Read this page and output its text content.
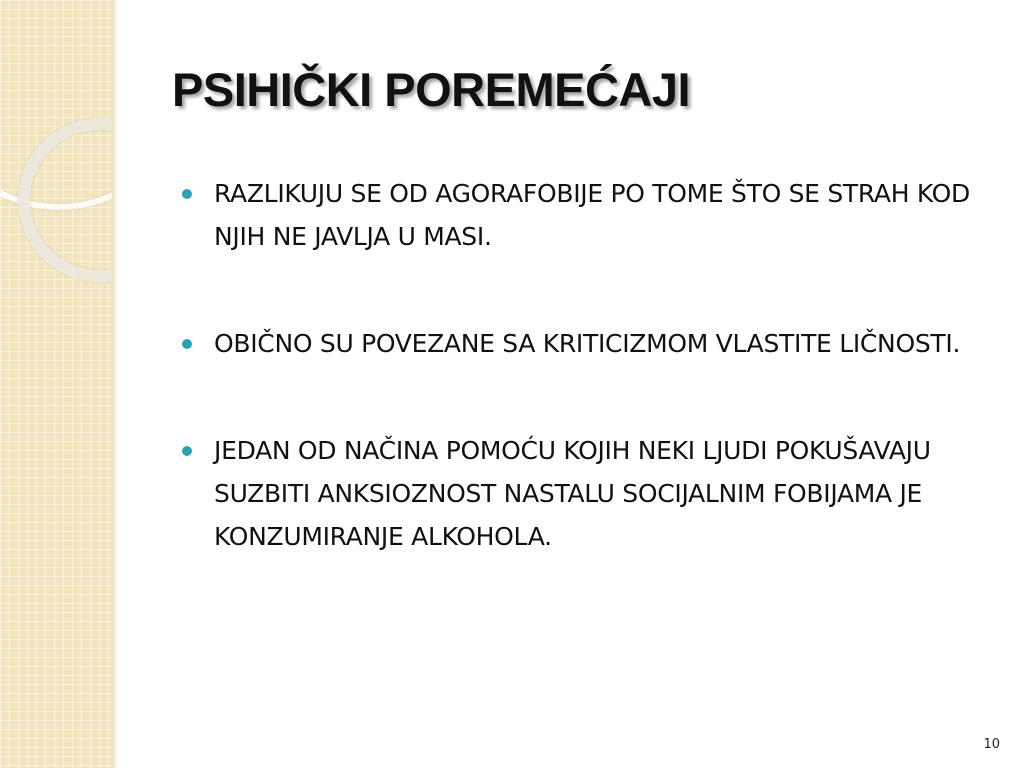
PSIHIČKI POREMEĆAJI
RAZLIKUJU SE OD AGORAFOBIJE PO TOME ŠTO SE STRAH KOD NJIH NE JAVLJA U MASI.
OBIČNO SU POVEZANE SA KRITICIZMOM VLASTITE LIČNOSTI.
JEDAN OD NAČINA POMOĆU KOJIH NEKI LJUDI POKUŠAVAJU SUZBITI ANKSIOZNOST NASTALU SOCIJALNIM FOBIJAMA JE KONZUMIRANJE ALKOHOLA.
10
